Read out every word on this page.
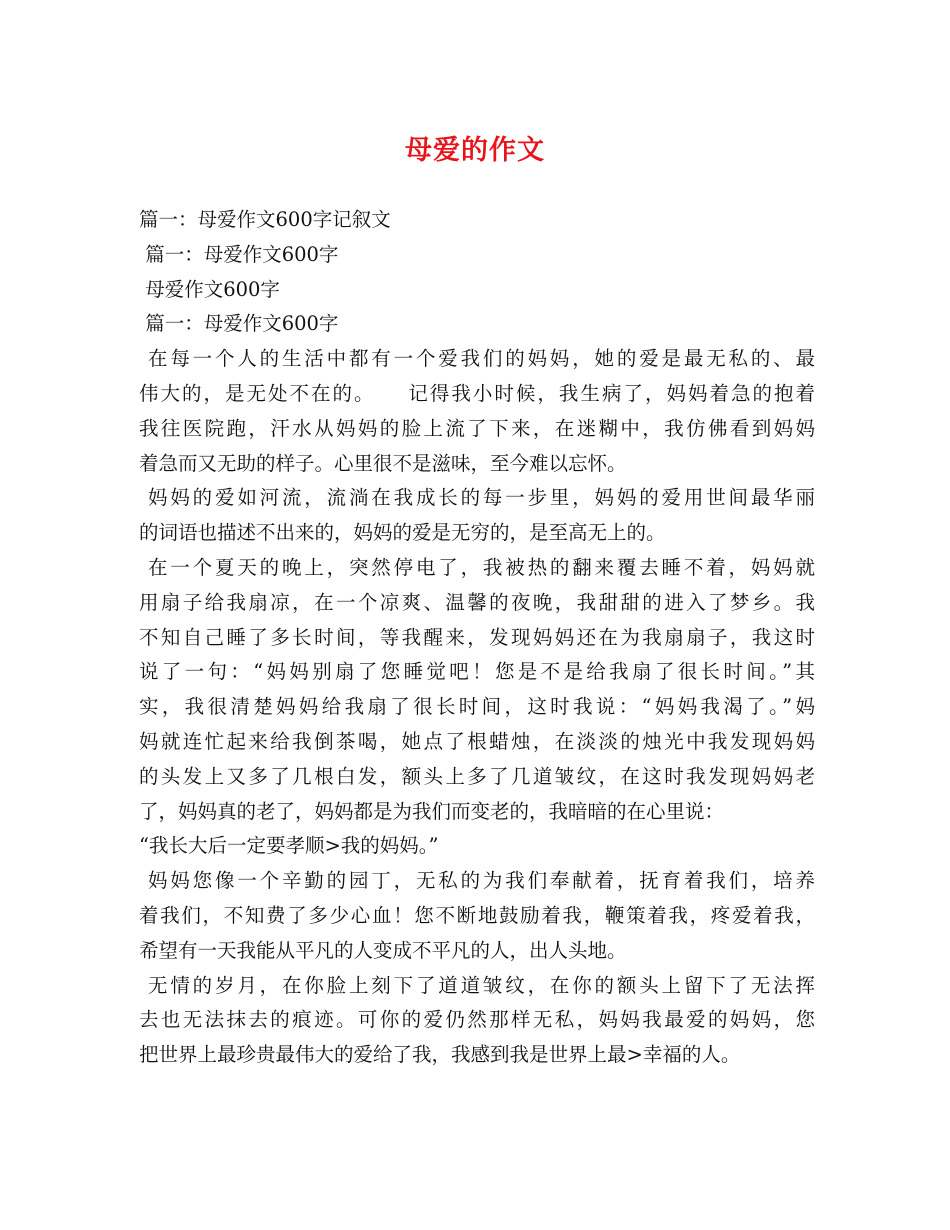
母爱的作文
篇一：母爱作文600字记叙文
篇一：母爱作文600字
母爱作文600字
篇一：母爱作文600字
在每一个人的生活中都有一个爱我们的妈妈，她的爱是最无私的、最
伟大的，是无处不在的。    记得我小时候，我生病了，妈妈着急的抱着
我往医院跑，汗水从妈妈的脸上流了下来，在迷糊中，我仿佛看到妈妈
着急而又无助的样子。心里很不是滋味，至今难以忘怀。
妈妈的爱如河流，流淌在我成长的每一步里，妈妈的爱用世间最华丽
的词语也描述不出来的，妈妈的爱是无穷的，是至高无上的。
在一个夏天的晚上，突然停电了，我被热的翻来覆去睡不着，妈妈就
用扇子给我扇凉，在一个凉爽、温馨的夜晚，我甜甜的进入了梦乡。我
不知自己睡了多长时间，等我醒来，发现妈妈还在为我扇扇子，我这时
说了一句：“妈妈别扇了您睡觉吧！您是不是给我扇了很长时间。”其
实，我很清楚妈妈给我扇了很长时间，这时我说：“妈妈我渴了。”妈
妈就连忙起来给我倒茶喝，她点了根蜡烛，在淡淡的烛光中我发现妈妈
的头发上又多了几根白发，额头上多了几道皱纹，在这时我发现妈妈老
了，妈妈真的老了，妈妈都是为我们而变老的，我暗暗的在心里说：
“我长大后一定要孝顺>我的妈妈。”
妈妈您像一个辛勤的园丁，无私的为我们奉献着，抚育着我们，培养
着我们，不知费了多少心血！您不断地鼓励着我，鞭策着我，疼爱着我，
希望有一天我能从平凡的人变成不平凡的人，出人头地。
无情的岁月，在你脸上刻下了道道皱纹，在你的额头上留下了无法挥
去也无法抹去的痕迹。可你的爱仍然那样无私，妈妈我最爱的妈妈，您
把世界上最珍贵最伟大的爱给了我，我感到我是世界上最>幸福的人。
